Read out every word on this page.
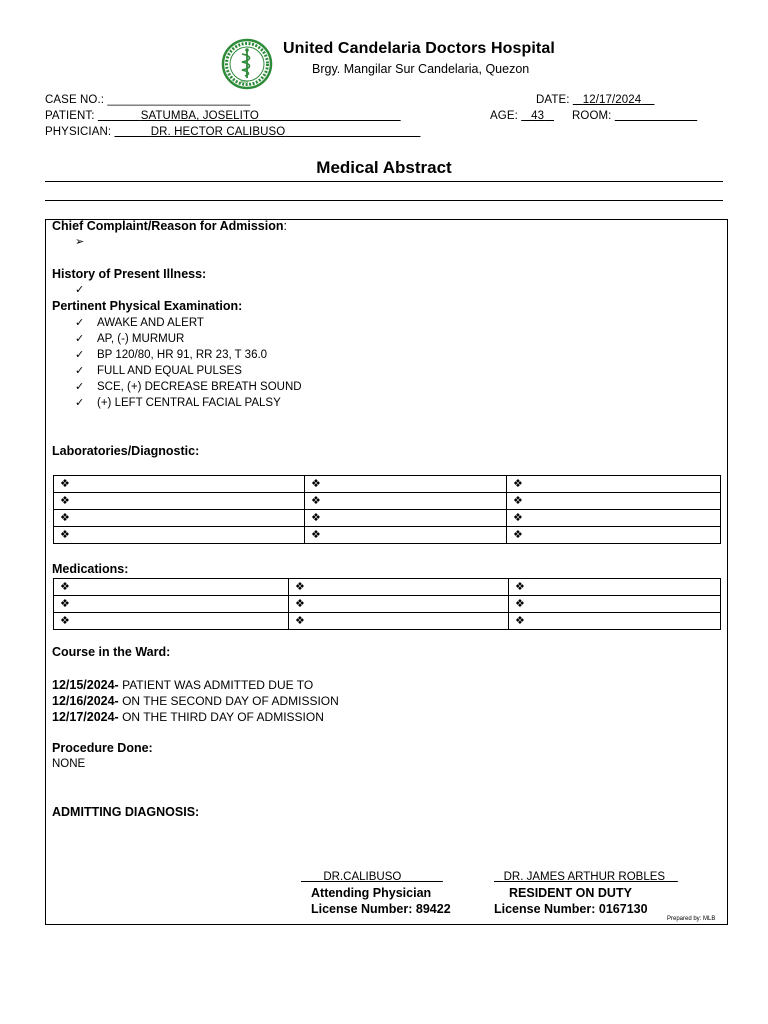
2007
United Candelaria Doctors Hospital
Brgy. Mangilar Sur Candelaria, Quezon
CASE NO.: ______________________	DATE: 12/17/2024
PATIENT:	SATUMBA, JOSELITO	AGE: 43	ROOM:
PHYSICIAN:	DR. HECTOR CALIBUSO
Medical Abstract
Chief Complaint/Reason for Admission:
➢
History of Present Illness:
✓
Pertinent Physical Examination:
✓ AWAKE AND ALERT
✓ AP, (-) MURMUR
✓ BP 120/80, HR 91, RR 23, T 36.0
✓ FULL AND EQUAL PULSES
✓ SCE, (+) DECREASE BREATH SOUND
✓ (+) LEFT CENTRAL FACIAL PALSY
Laboratories/Diagnostic:
❖	❖	❖
❖	❖	❖
❖	❖	❖
❖	❖	❖
Medications:
❖	❖	❖
❖	❖	❖
❖	❖	❖
Course in the Ward:
12/15/2024- PATIENT WAS ADMITTED DUE TO
12/16/2024- ON THE SECOND DAY OF ADMISSION
12/17/2024- ON THE THIRD DAY OF ADMISSION
Procedure Done:
NONE
ADMITTING DIAGNOSIS:
DR.CALIBUSO
Attending Physician
License Number: 89422
DR. JAMES ARTHUR ROBLES
RESIDENT ON DUTY
License Number: 0167130
Prepared by: MLB
